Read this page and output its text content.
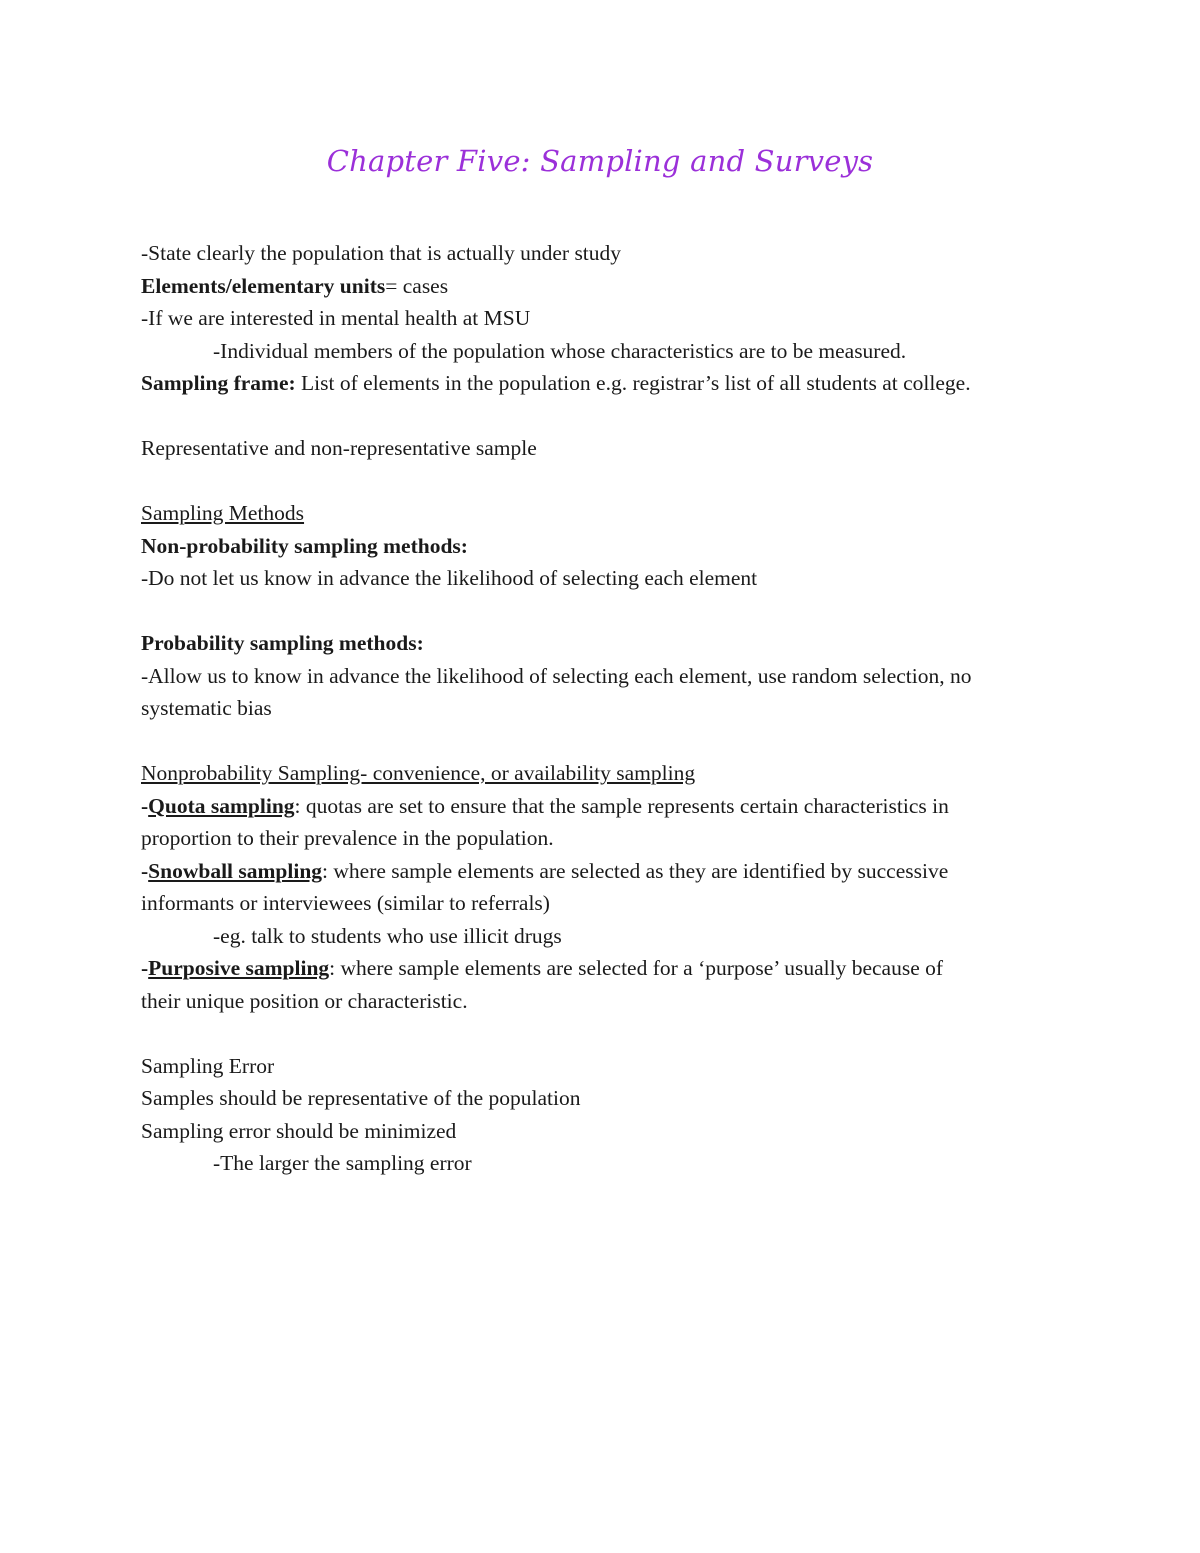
Chapter Five: Sampling and Surveys
-State clearly the population that is actually under study
Elements/elementary units= cases
-If we are interested in mental health at MSU
-Individual members of the population whose characteristics are to be measured.
Sampling frame: List of elements in the population e.g. registrar’s list of all students at college.
Representative and non-representative sample
Sampling Methods
Non-probability sampling methods:
-Do not let us know in advance the likelihood of selecting each element
Probability sampling methods:
-Allow us to know in advance the likelihood of selecting each element, use random selection, no
systematic bias
Nonprobability Sampling- convenience, or availability sampling
-Quota sampling: quotas are set to ensure that the sample represents certain characteristics in
proportion to their prevalence in the population.
-Snowball sampling: where sample elements are selected as they are identified by successive
informants or interviewees (similar to referrals)
-eg. talk to students who use illicit drugs
-Purposive sampling: where sample elements are selected for a ‘purpose’ usually because of
their unique position or characteristic.
Sampling Error
Samples should be representative of the population
Sampling error should be minimized
-The larger the sampling error
